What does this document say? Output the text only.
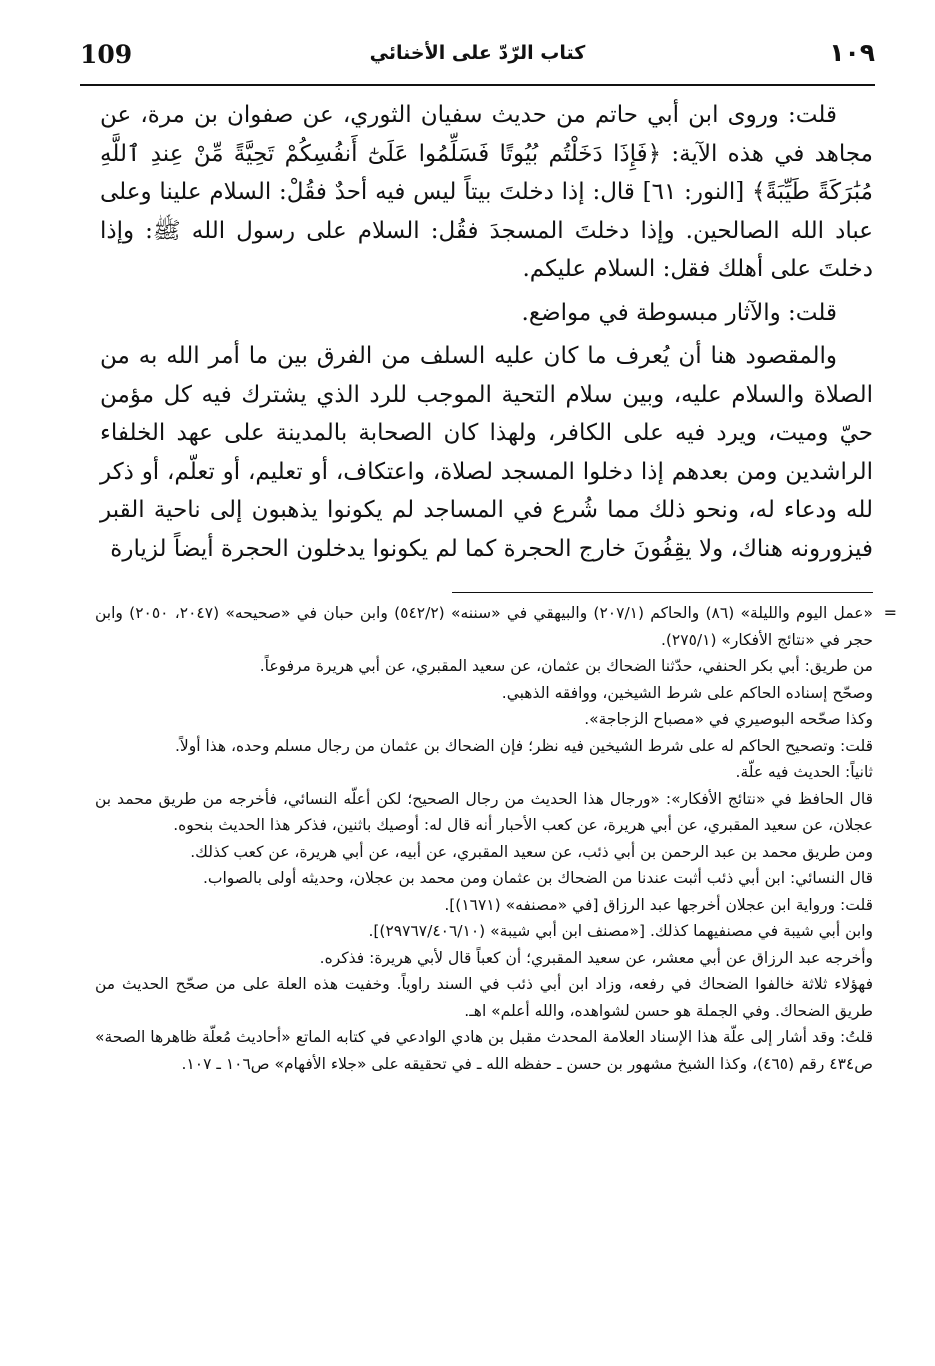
109	كتاب الرّدّ على الأخنائي	١٠٩

قلت: وروى ابن أبي حاتم من حديث سفيان الثوري، عن صفوان بن مرة، عن مجاهد في هذه الآية: ﴿فَإِذَا دَخَلْتُم بُيُوتًا فَسَلِّمُوا عَلَىٰٓ أَنفُسِكُمْ تَحِيَّةً مِّنْ عِندِ ٱللَّهِ مُبَٰرَكَةً طَيِّبَةً﴾ [النور: ٦١] قال: إذا دخلتَ بيتاً ليس فيه أحدٌ فقُلْ: السلام علينا وعلى عباد الله الصالحين. وإذا دخلتَ المسجدَ فقُل: السلام على رسول الله ﷺ: وإذا دخلتَ على أهلك فقل: السلام عليكم.

قلت: والآثار مبسوطة في مواضع.

والمقصود هنا أن يُعرف ما كان عليه السلف من الفرق بين ما أمر الله به من الصلاة والسلام عليه، وبين سلام التحية الموجب للرد الذي يشترك فيه كل مؤمن حيّ وميت، ويرد فيه على الكافر، ولهذا كان الصحابة بالمدينة على عهد الخلفاء الراشدين ومن بعدهم إذا دخلوا المسجد لصلاة، واعتكاف، أو تعليم، أو تعلّم، أو ذكر لله ودعاء له، ونحو ذلك مما شُرع في المساجد لم يكونوا يذهبون إلى ناحية القبر فيزورونه هناك، ولا يقِفُونَ خارج الحجرة كما لم يكونوا يدخلون الحجرة أيضاً لزيارة

=

«عمل اليوم والليلة» (٨٦) والحاكم (٢٠٧/١) والبيهقي في «سننه» (٥٤٢/٢) وابن حبان في «صحيحه» (٢٠٤٧، ٢٠٥٠) وابن حجر في «نتائج الأفكار» (٢٧٥/١).

من طريق: أبي بكر الحنفي، حدّثنا الضحاك بن عثمان، عن سعيد المقبري، عن أبي هريرة مرفوعاً.

وصحّح إسناده الحاكم على شرط الشيخين، ووافقه الذهبي.

وكذا صحّحه البوصيري في «مصباح الزجاجة».

قلت: وتصحيح الحاكم له على شرط الشيخين فيه نظر؛ فإن الضحاك بن عثمان من رجال مسلم وحده، هذا أولاً.

ثانياً: الحديث فيه علّة.

قال الحافظ في «نتائج الأفكار»: «ورجال هذا الحديث من رجال الصحيح؛ لكن أعلّه النسائي، فأخرجه من طريق محمد بن عجلان، عن سعيد المقبري، عن أبي هريرة، عن كعب الأحبار أنه قال له: أوصيك باثنين، فذكر هذا الحديث بنحوه.

ومن طريق محمد بن عبد الرحمن بن أبي ذئب، عن سعيد المقبري، عن أبيه، عن أبي هريرة، عن كعب كذلك.

قال النسائي: ابن أبي ذئب أثبت عندنا من الضحاك بن عثمان ومن محمد بن عجلان، وحديثه أولى بالصواب.

قلت: ورواية ابن عجلان أخرجها عبد الرزاق [في «مصنفه» (١٦٧١)].

وابن أبي شيبة في مصنفيهما كذلك. [«مصنف ابن أبي شيبة» (٢٩٧٦٧/٤٠٦/١٠)].

وأخرجه عبد الرزاق عن أبي معشر، عن سعيد المقبري؛ أن كعباً قال لأبي هريرة: فذكره.

فهؤلاء ثلاثة خالفوا الضحاك في رفعه، وزاد ابن أبي ذئب في السند راوياً. وخفيت هذه العلة على من صحّح الحديث من طريق الضحاك. وفي الجملة هو حسن لشواهده، والله أعلم» اهـ.

قلتُ: وقد أشار إلى علّة هذا الإسناد العلامة المحدث مقبل بن هادي الوادعي في كتابه الماتع «أحاديث مُعلّة ظاهرها الصحة» ص٤٣٤ رقم (٤٦٥)، وكذا الشيخ مشهور بن حسن ـ حفظه الله ـ في تحقيقه على «جلاء الأفهام» ص١٠٦ ـ ١٠٧.
